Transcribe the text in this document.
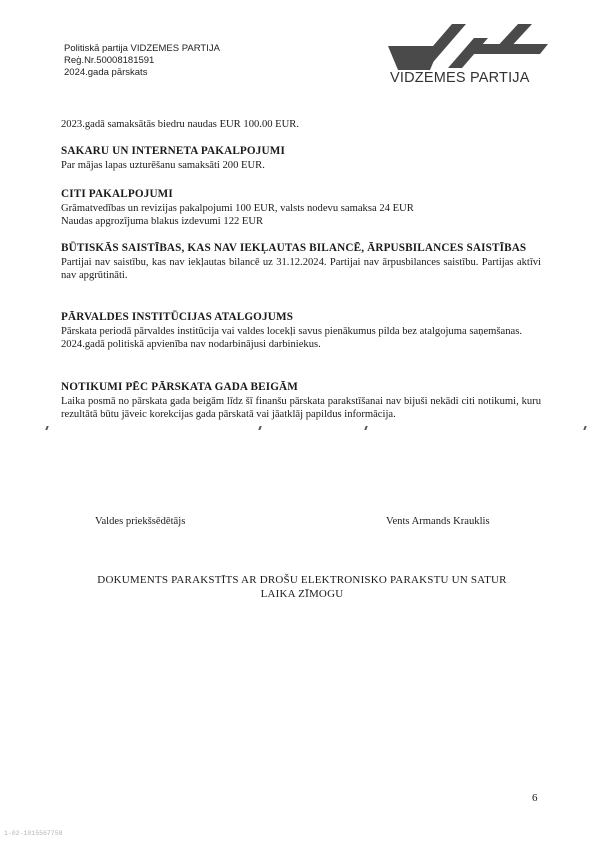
Politiskā partija VIDZEMES PARTIJA
Reģ.Nr.50008181591
2024.gada pārskats	VIDZEMES PARTIJA
2023.gadā samaksātās biedru naudas EUR 100.00 EUR.
SAKARU UN INTERNETA PAKALPOJUMI
Par mājas lapas uzturēšanu samaksāti 200 EUR.
CITI PAKALPOJUMI
Grāmatvedības un revizijas pakalpojumi 100 EUR, valsts nodevu samaksa 24 EUR
Naudas apgrozījuma blakus izdevumi 122 EUR
BŪTISKĀS SAISTĪBAS, KAS NAV IEKĻAUTAS BILANCĒ, ĀRPUSBILANCES SAISTĪBAS
Partijai nav saistību, kas nav iekļautas bilancē uz 31.12.2024. Partijai nav ārpusbilances saistību. Partijas aktīvi nav apgrūtināti.
PĀRVALDES INSTITŪCIJAS ATALGOJUMS
Pārskata periodā pārvaldes institūcija vai valdes locekļi savus pienākumus pilda bez atalgojuma saņemšanas.
2024.gadā politiskā apvienība nav nodarbinājusi darbiniekus.
NOTIKUMI PĒC PĀRSKATA GADA BEIGĀM
Laika posmā no pārskata gada beigām līdz šī finanšu pārskata parakstīšanai nav bijuši nekādi citi notikumi, kuru rezultātā būtu jāveic korekcijas gada pārskatā vai jāatklāj papildus informācija.
Valdes priekšsēdētājs	Vents Armands Krauklis
DOKUMENTS PARAKSTĪTS AR DROŠU ELEKTRONISKO PARAKSTU UN SATUR
LAIKA ZĪMOGU
6
1-02-1015567758
